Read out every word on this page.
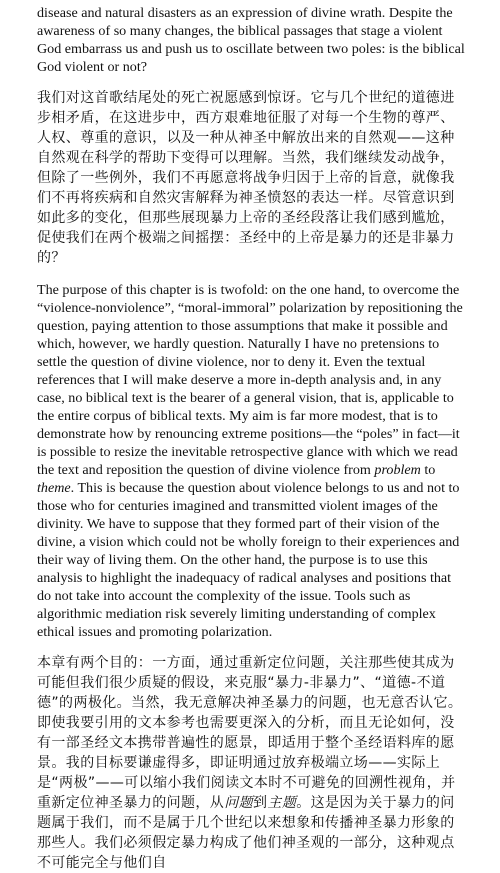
disease and natural disasters as an expression of divine wrath. Despite the awareness of so many changes, the biblical passages that stage a violent God embarrass us and push us to oscillate between two poles: is the biblical God violent or not?

我们对这首歌结尾处的死亡祝愿感到惊讶。它与几个世纪的道德进步相矛盾，在这进步中，西方艰难地征服了对每一个生物的尊严、人权、尊重的意识，以及一种从神圣中解放出来的自然观——这种自然观在科学的帮助下变得可以理解。当然，我们继续发动战争，但除了一些例外，我们不再愿意将战争归因于上帝的旨意，就像我们不再将疾病和自然灾害解释为神圣愤怒的表达一样。尽管意识到如此多的变化，但那些展现暴力上帝的圣经段落让我们感到尴尬，促使我们在两个极端之间摇摆：圣经中的上帝是暴力的还是非暴力的？

The purpose of this chapter is is twofold: on the one hand, to overcome the “violence-nonviolence”, “moral-immoral” polarization by repositioning the question, paying attention to those assumptions that make it possible and which, however, we hardly question. Naturally I have no pretensions to settle the question of divine violence, nor to deny it. Even the textual references that I will make deserve a more in-depth analysis and, in any case, no biblical text is the bearer of a general vision, that is, applicable to the entire corpus of biblical texts. My aim is far more modest, that is to demonstrate how by renouncing extreme positions—the “poles” in fact—it is possible to resize the inevitable retrospective glance with which we read the text and reposition the question of divine violence from problem to theme. This is because the question about violence belongs to us and not to those who for centuries imagined and transmitted violent images of the divinity. We have to suppose that they formed part of their vision of the divine, a vision which could not be wholly foreign to their experiences and their way of living them. On the other hand, the purpose is to use this analysis to highlight the inadequacy of radical analyses and positions that do not take into account the complexity of the issue. Tools such as algorithmic mediation risk severely limiting understanding of complex ethical issues and promoting polarization.

本章有两个目的：一方面，通过重新定位问题，关注那些使其成为可能但我们很少质疑的假设，来克服“暴力-非暴力”、“道德-不道德”的两极化。当然，我无意解决神圣暴力的问题，也无意否认它。即使我要引用的文本参考也需要更深入的分析，而且无论如何，没有一部圣经文本携带普遍性的愿景，即适用于整个圣经语料库的愿景。我的目标要谦虚得多，即证明通过放弃极端立场——实际上是“两极”——可以缩小我们阅读文本时不可避免的回溯性视角，并重新定位神圣暴力的问题，从问题到主题。这是因为关于暴力的问题属于我们，而不是属于几个世纪以来想象和传播神圣暴力形象的那些人。我们必须假定暴力构成了他们神圣观的一部分，这种观点不可能完全与他们自
